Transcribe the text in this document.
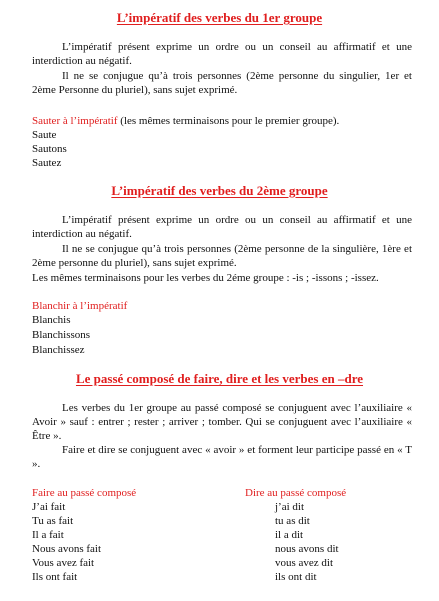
L’impératif des verbes du 1er groupe
L’impératif présent exprime un ordre ou un conseil au affirmatif et une interdiction au négatif.
Il ne se conjugue qu’à trois personnes (2ème personne du singulier, 1er et 2ème Personne du pluriel), sans sujet exprimé.
Sauter à l’impératif (les mêmes terminaisons pour le premier groupe).
Saute
Sautons
Sautez
L’impératif des verbes du 2ème groupe
L’impératif présent exprime un ordre ou un conseil au affirmatif et une interdiction au négatif.
Il ne se conjugue qu’à trois personnes (2ème personne de la singulière, 1ère et 2ème personne du pluriel), sans sujet exprimé.
Les mêmes terminaisons pour les verbes du 2éme groupe : -is ; -issons ; -issez.
Blanchir à l’impératif
Blanchis
Blanchissons
Blanchissez
Le passé composé de faire, dire et les verbes en –dre
Les verbes du 1er groupe au passé composé se conjuguent avec l’auxiliaire « Avoir » sauf : entrer ; rester ; arriver ; tomber. Qui se conjuguent avec l’auxiliaire « Être ».
Faire et dire se conjuguent avec « avoir » et forment leur participe passé en « T ».
Faire au passé composé
J’ai fait
Tu as fait
Il a fait
Nous avons fait
Vous avez fait
Ils ont fait
Dire au passé composé
j’ai dit
tu as dit
il a dit
nous avons dit
vous avez dit
ils ont dit
